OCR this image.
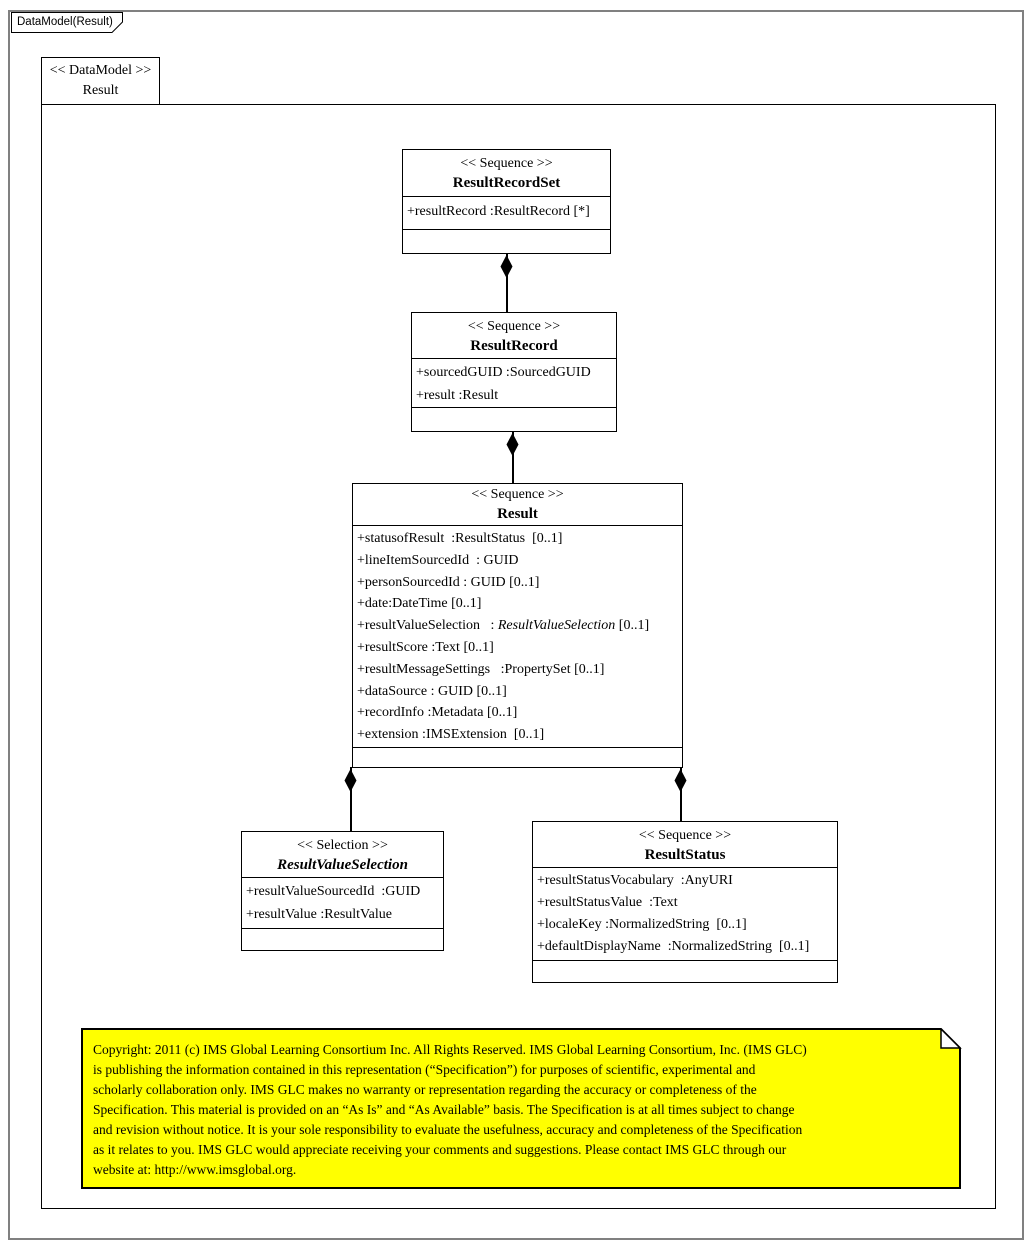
DataModel(Result)
<< DataModel >>
Result
<< Sequence >>
ResultRecordSet
+resultRecord :ResultRecord [*]
<< Sequence >>
ResultRecord
+sourcedGUID :SourcedGUID
+result :Result
<< Sequence >>
Result
+statusofResult  :ResultStatus  [0..1]
+lineItemSourcedId  : GUID
+personSourcedId : GUID [0..1]
+date:DateTime [0..1]
+resultValueSelection   : ResultValueSelection [0..1]
+resultScore :Text [0..1]
+resultMessageSettings   :PropertySet [0..1]
+dataSource : GUID [0..1]
+recordInfo :Metadata [0..1]
+extension :IMSExtension  [0..1]
<< Selection >>
ResultValueSelection
+resultValueSourcedId  :GUID
+resultValue :ResultValue
<< Sequence >>
ResultStatus
+resultStatusVocabulary  :AnyURI
+resultStatusValue  :Text
+localeKey :NormalizedString  [0..1]
+defaultDisplayName  :NormalizedString  [0..1]
Copyright: 2011 (c) IMS Global Learning Consortium Inc. All Rights Reserved. IMS Global Learning Consortium, Inc. (IMS GLC)
is publishing the information contained in this representation (“Specification”) for purposes of scientific, experimental and
scholarly collaboration only. IMS GLC makes no warranty or representation regarding the accuracy or completeness of the
Specification. This material is provided on an “As Is” and “As Available” basis. The Specification is at all times subject to change
and revision without notice. It is your sole responsibility to evaluate the usefulness, accuracy and completeness of the Specification
as it relates to you. IMS GLC would appreciate receiving your comments and suggestions. Please contact IMS GLC through our
website at: http://www.imsglobal.org.
